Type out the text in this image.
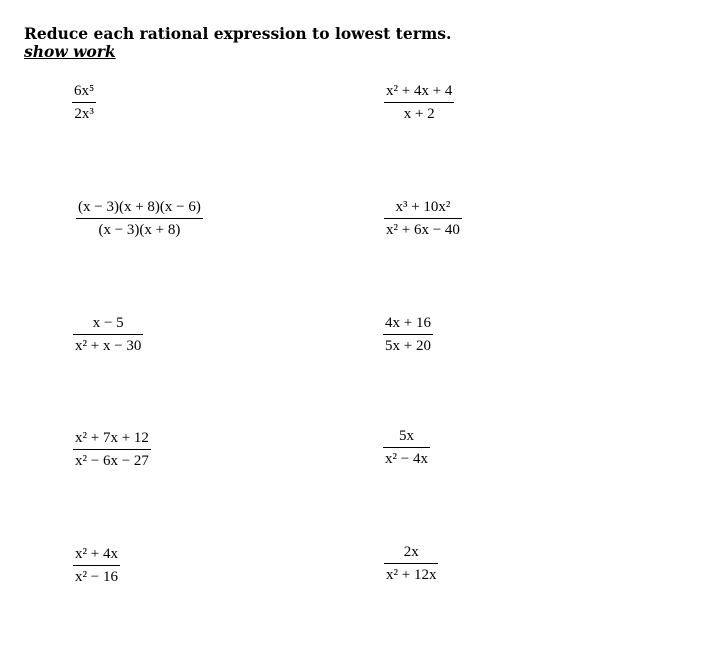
Reduce each rational expression to lowest terms.
show work
$\frac{\text{6x⁵}}{\text{2x³}}$	$\frac{\text{x² + 4x + 4}}{x + 2}$
$\frac{(x - 3)(x + 8)(x - 6)}{(x - 3)(x + 8)}$	$\frac{\text{x³ + 10x²}}{\text{x² + 6x − 40}}$
$\frac{x - 5}{\text{x² + x − 30}}$	$\frac{4x + 16}{5x + 20}$
$\frac{\text{x² + 7x + 12}}{\text{x² − 6x − 27}}$	$\frac{5x}{\text{x² − 4x}}$
$\frac{\text{x² + 4x}}{\text{x² − 16}}$	$\frac{2x}{\text{x² + 12x}}$
